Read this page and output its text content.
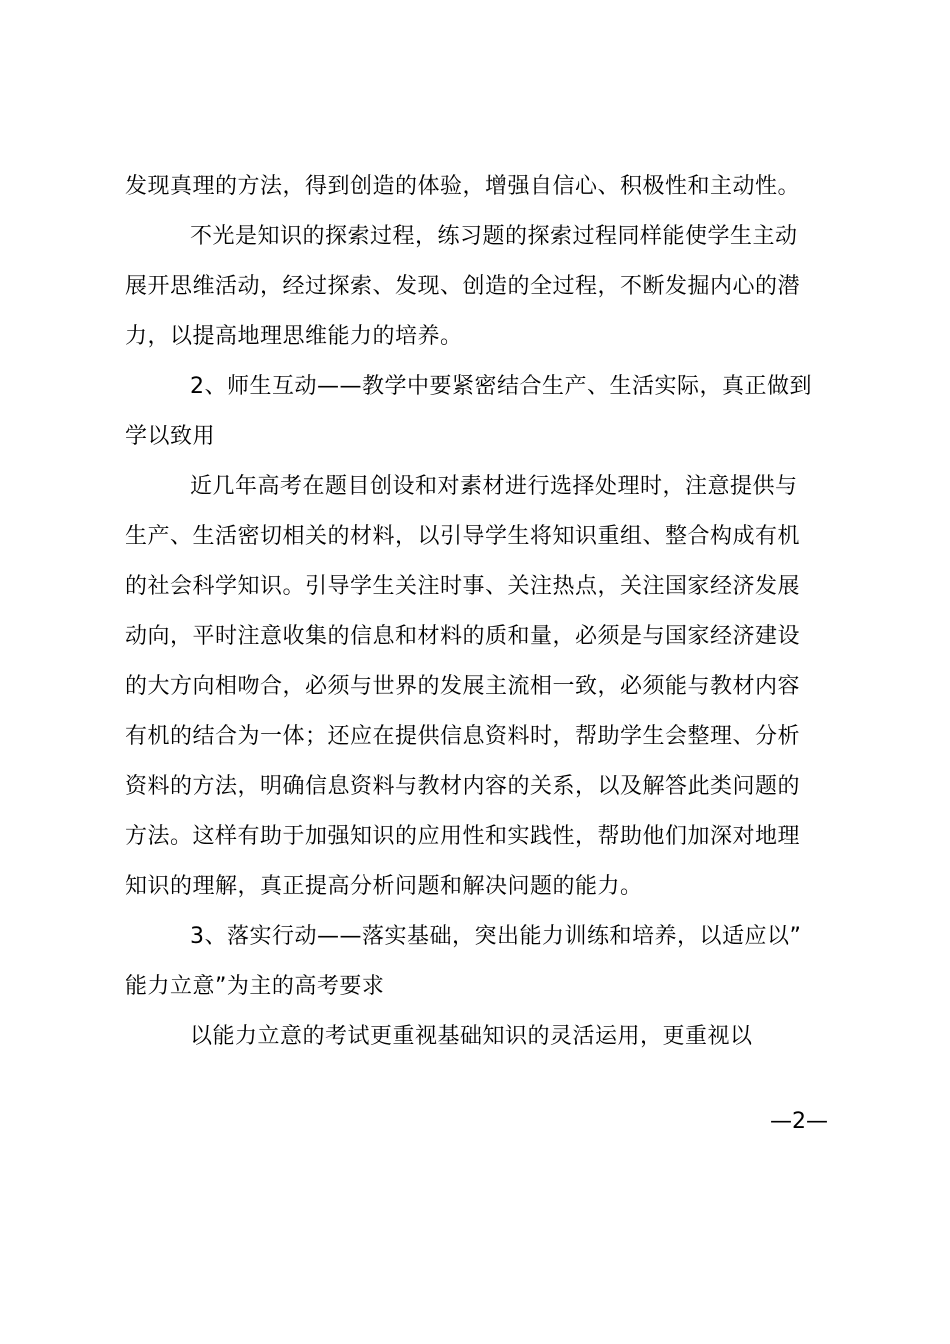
发现真理的方法，得到创造的体验，增强自信心、积极性和主动性。
不光是知识的探索过程，练习题的探索过程同样能使学生主动
展开思维活动，经过探索、发现、创造的全过程，不断发掘内心的潜
力，以提高地理思维能力的培养。
2、师生互动——教学中要紧密结合生产、生活实际，真正做到
学以致用
近几年高考在题目创设和对素材进行选择处理时，注意提供与
生产、生活密切相关的材料，以引导学生将知识重组、整合构成有机
的社会科学知识。引导学生关注时事、关注热点，关注国家经济发展
动向，平时注意收集的信息和材料的质和量，必须是与国家经济建设
的大方向相吻合，必须与世界的发展主流相一致，必须能与教材内容
有机的结合为一体；还应在提供信息资料时，帮助学生会整理、分析
资料的方法，明确信息资料与教材内容的关系，以及解答此类问题的
方法。这样有助于加强知识的应用性和实践性，帮助他们加深对地理
知识的理解，真正提高分析问题和解决问题的能力。
3、落实行动——落实基础，突出能力训练和培养，以适应以”
能力立意”为主的高考要求
以能力立意的考试更重视基础知识的灵活运用，更重视以
—2—
